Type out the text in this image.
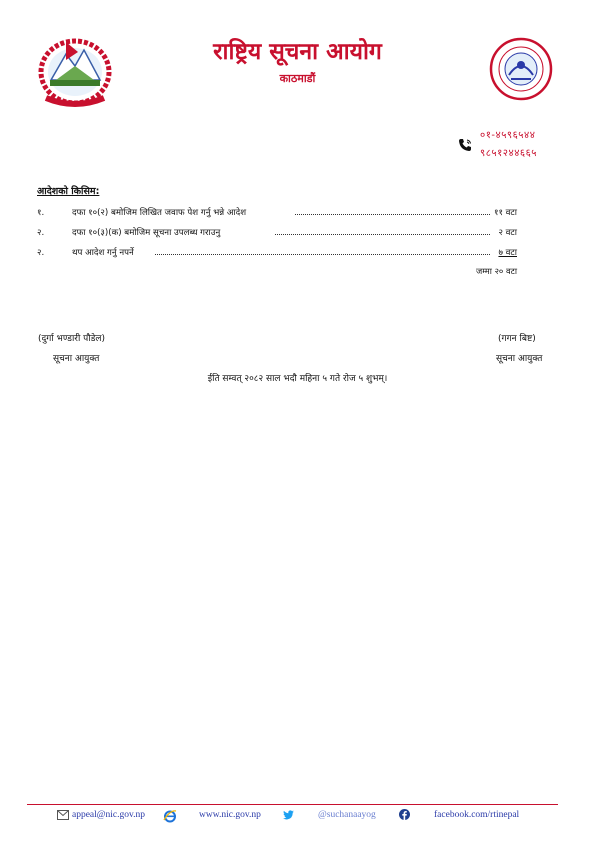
राष्ट्रिय सूचना आयोग
काठमाडौं
०१-४५९६५४४
९८५१२४४६६५
आदेशको किसिम:
१.	दफा १०(२) बमोजिम लिखित जवाफ पेश गर्नु भन्ने आदेश	११ वटा
२.	दफा १०(३)(क) बमोजिम सूचना उपलब्ध गराउनु	२ वटा
२.	थप आदेश गर्नु नपर्ने	७ वटा
जम्मा २० वटा
(दुर्गा भण्डारी पौडेल)
सूचना आयुक्त
(गगन बिष्ट)
सूचना आयुक्त
ईति सम्वत् २०८२ साल भदौ महिना ५ गते रोज ५ शुभम्।
appeal@nic.gov.np	www.nic.gov.np	@suchanaayog	facebook.com/rtinepal
